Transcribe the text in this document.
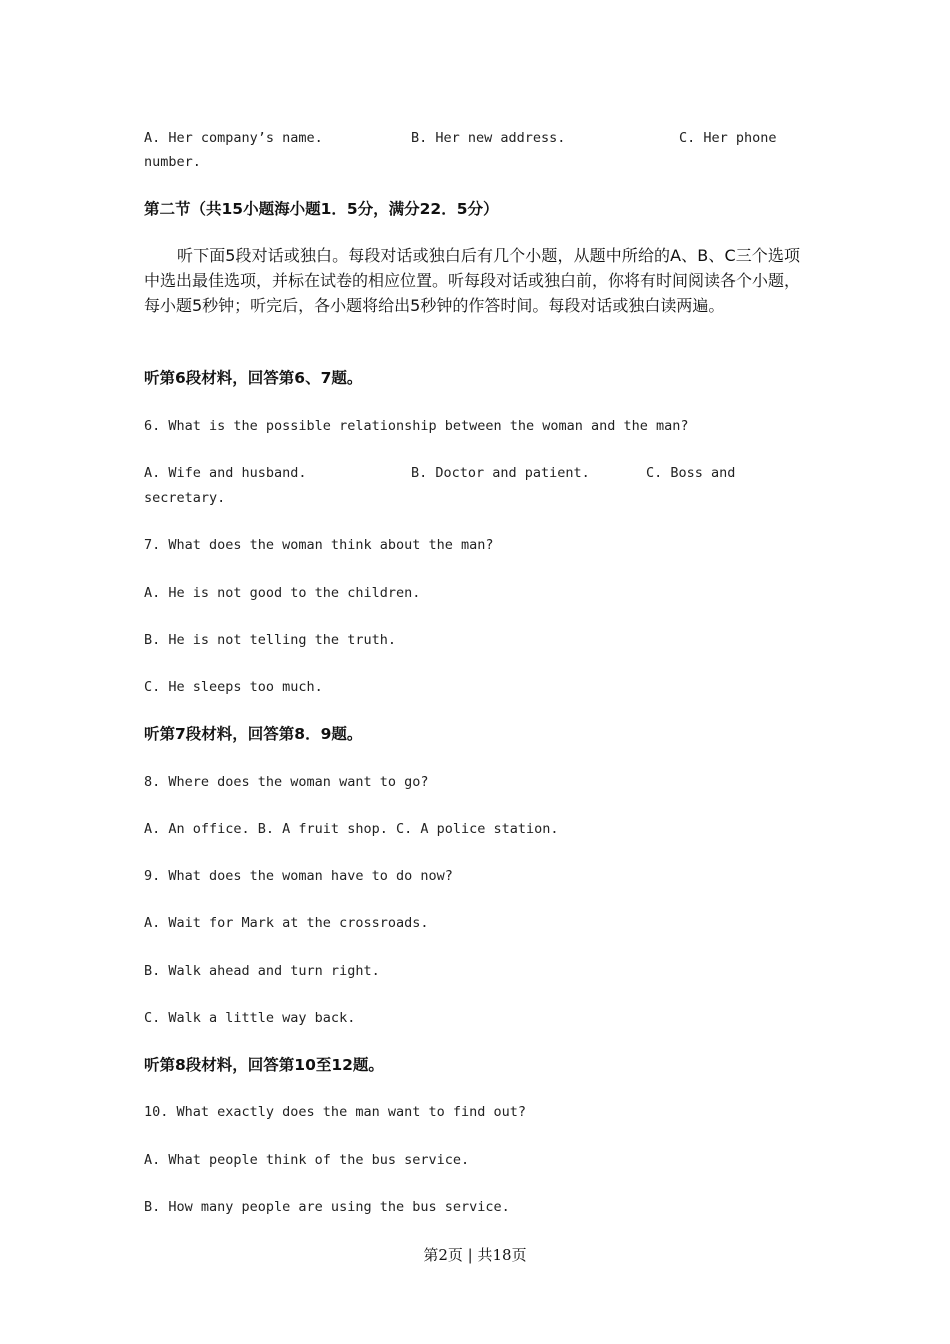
A. Her company’s name.	B. Her new address.	C. Her phone
number.
第二节（共15小题海小题1．5分，满分22．5分）
听下面5段对话或独白。每段对话或独白后有几个小题，从题中所给的A、B、C三个选项中选出最佳选项，并标在试卷的相应位置。听每段对话或独白前，你将有时间阅读各个小题，每小题5秒钟；听完后，各小题将给出5秒钟的作答时间。每段对话或独白读两遍。
听第6段材料，回答第6、7题。
6. What is the possible relationship between the woman and the man?
A. Wife and husband.	B. Doctor and patient.	C. Boss and
secretary.
7. What does the woman think about the man?
A. He is not good to the children.
B. He is not telling the truth.
C. He sleeps too much.
听第7段材料，回答第8．9题。
8. Where does the woman want to go?
A. An office. B. A fruit shop. C. A police station.
9. What does the woman have to do now?
A. Wait for Mark at the crossroads.
B. Walk ahead and turn right.
C. Walk a little way back.
听第8段材料，回答第10至12题。
10. What exactly does the man want to find out?
A. What people think of the bus service.
B. How many people are using the bus service.
第2页 | 共18页
